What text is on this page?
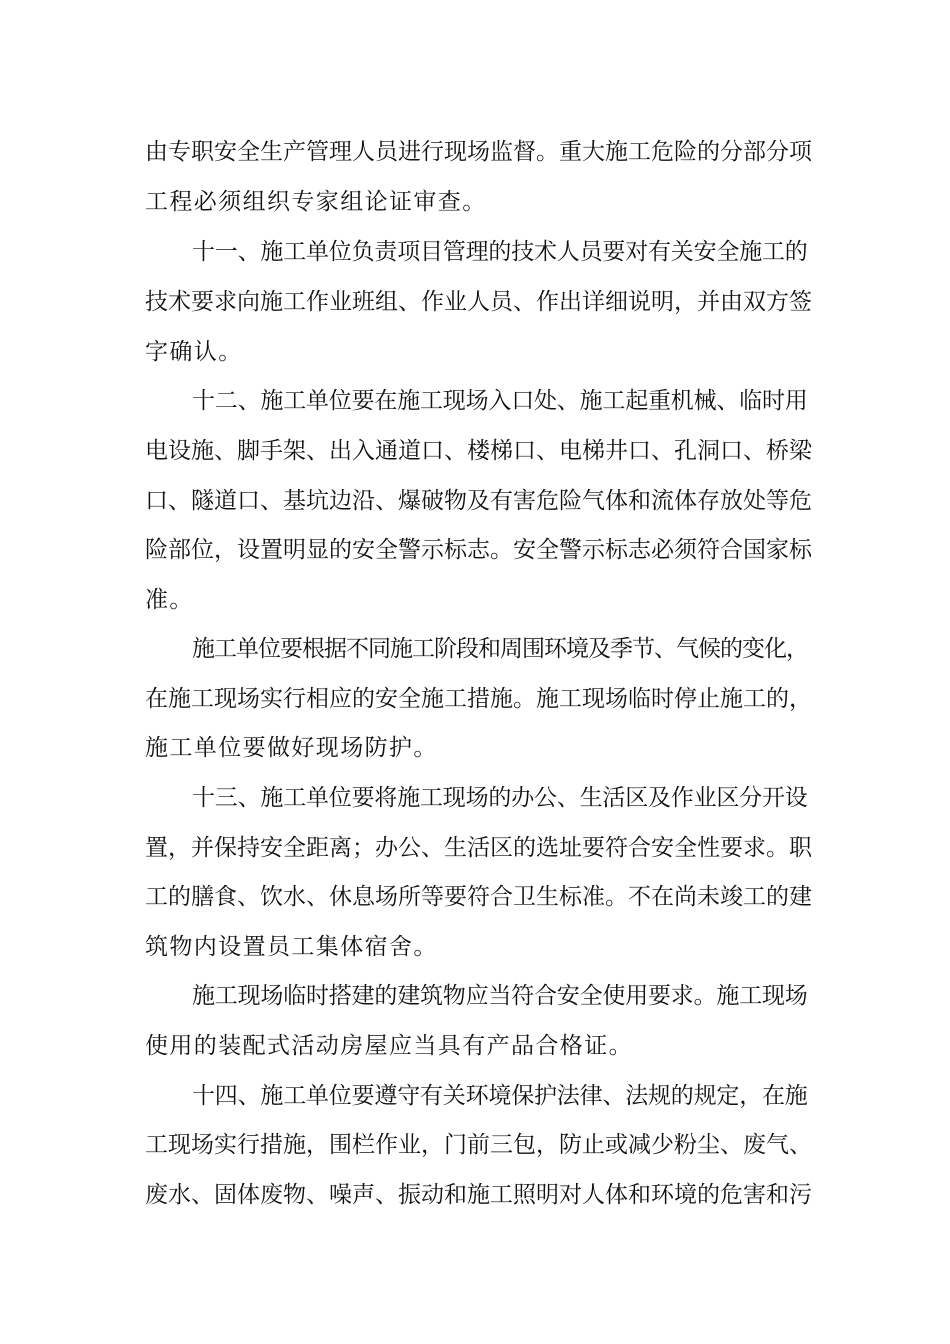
由专职安全生产管理人员进行现场监督。重大施工危险的分部分项
工程必须组织专家组论证审查。
十一、施工单位负责项目管理的技术人员要对有关安全施工的
技术要求向施工作业班组、作业人员、作出详细说明，并由双方签
字确认。
十二、施工单位要在施工现场入口处、施工起重机械、临时用
电设施、脚手架、出入通道口、楼梯口、电梯井口、孔洞口、桥梁
口、隧道口、基坑边沿、爆破物及有害危险气体和流体存放处等危
险部位，设置明显的安全警示标志。安全警示标志必须符合国家标
准。
施工单位要根据不同施工阶段和周围环境及季节、气候的变化，
在施工现场实行相应的安全施工措施。施工现场临时停止施工的，
施工单位要做好现场防护。
十三、施工单位要将施工现场的办公、生活区及作业区分开设
置，并保持安全距离；办公、生活区的选址要符合安全性要求。职
工的膳食、饮水、休息场所等要符合卫生标准。不在尚未竣工的建
筑物内设置员工集体宿舍。
施工现场临时搭建的建筑物应当符合安全使用要求。施工现场
使用的装配式活动房屋应当具有产品合格证。
十四、施工单位要遵守有关环境保护法律、法规的规定，在施
工现场实行措施，围栏作业，门前三包，防止或减少粉尘、废气、
废水、固体废物、噪声、振动和施工照明对人体和环境的危害和污
